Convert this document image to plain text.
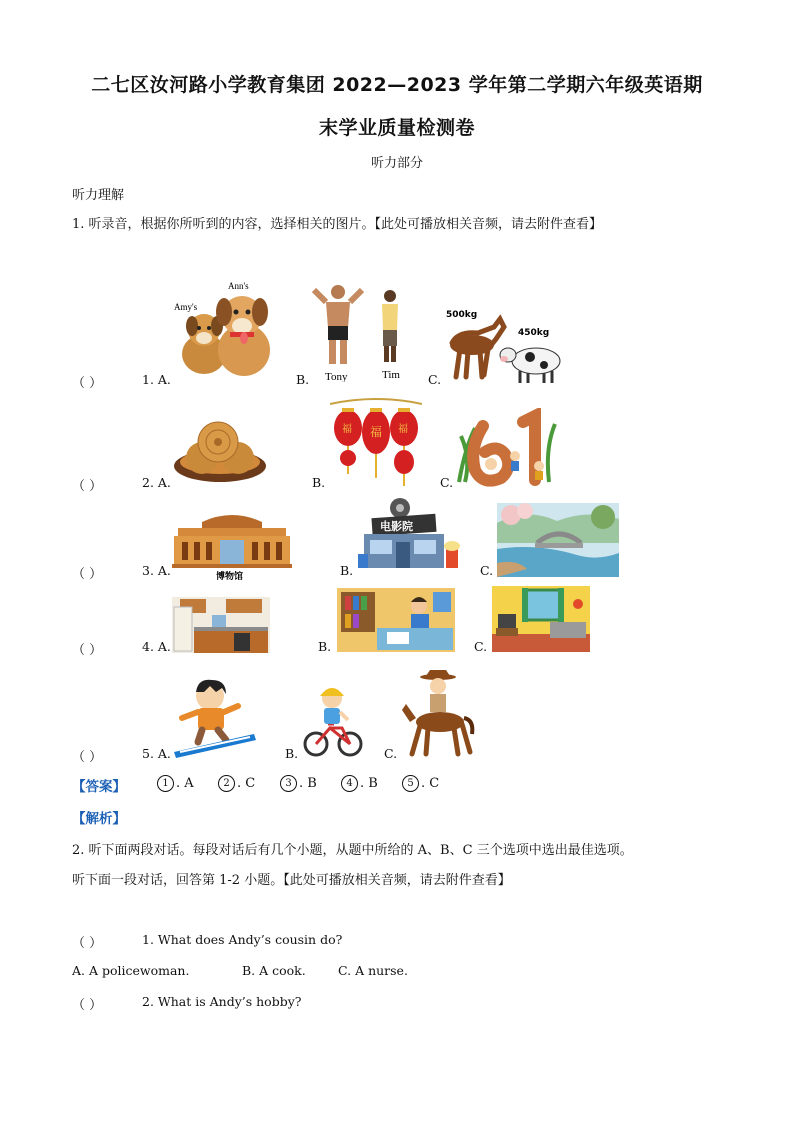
二七区汝河路小学教育集团 2022—2023 学年第二学期六年级英语期
末学业质量检测卷
听力部分
听力理解
1. 听录音，根据你所听到的内容，选择相关的图片。【此处可播放相关音频，请去附件查看】
（ ）	1. A.
Amy's
Ann's
B. Tony	Tim C.
500kg
450kg
（ ）	2. A.	B.
福 福 福
C.
（ ）	3. A.	博物馆	B.
电影院
C.
（ ）	4. A.	B.	C.
（ ）	5. A.	B.	C.
【答案】	1 . A	2 . C	3 . B	4 . B	5 . C
【解析】
2. 听下面两段对话。每段对话后有几个小题，从题中所给的 A、B、C 三个选项中选出最佳选项。
听下面一段对话，回答第 1-2 小题。【此处可播放相关音频，请去附件查看】
（ ）	1. What does Andy’s cousin do?
A. A policewoman.	B. A cook.	C. A nurse.
（ ）	2. What is Andy’s hobby?
